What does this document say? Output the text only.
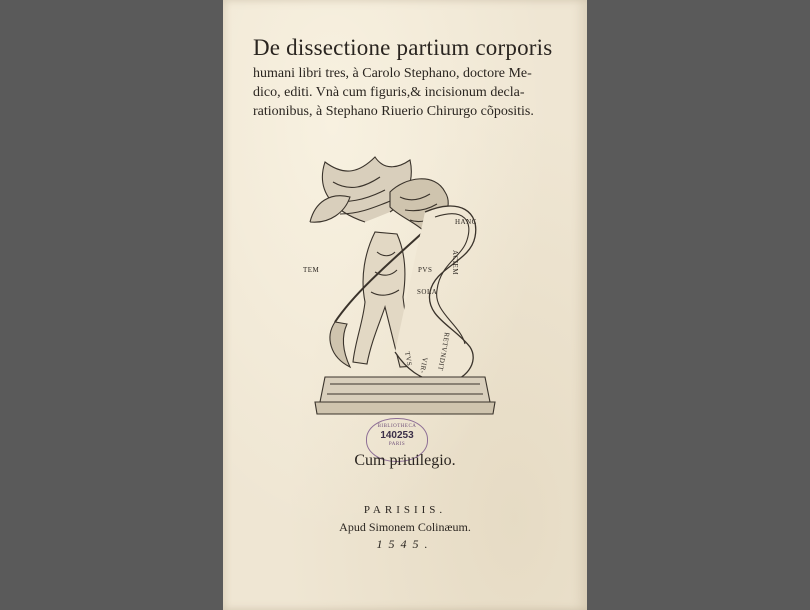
De dissectione partium corporis
humani libri tres, à Carolo Stephano, doctore Me-
dico, editi. Vnà cum figuris,& incisionum decla-
rationibus, à Stephano Riuerio Chirurgo cõpositis.
TEM
HANC
ACIEM
PVS
SOLA
RETVNDIT
VIR-
TVS.
BIBLIOTHECA
140253
PARIS
Cum priuilegio.
PARISIIS.
Apud Simonem Colinæum.
1545.
